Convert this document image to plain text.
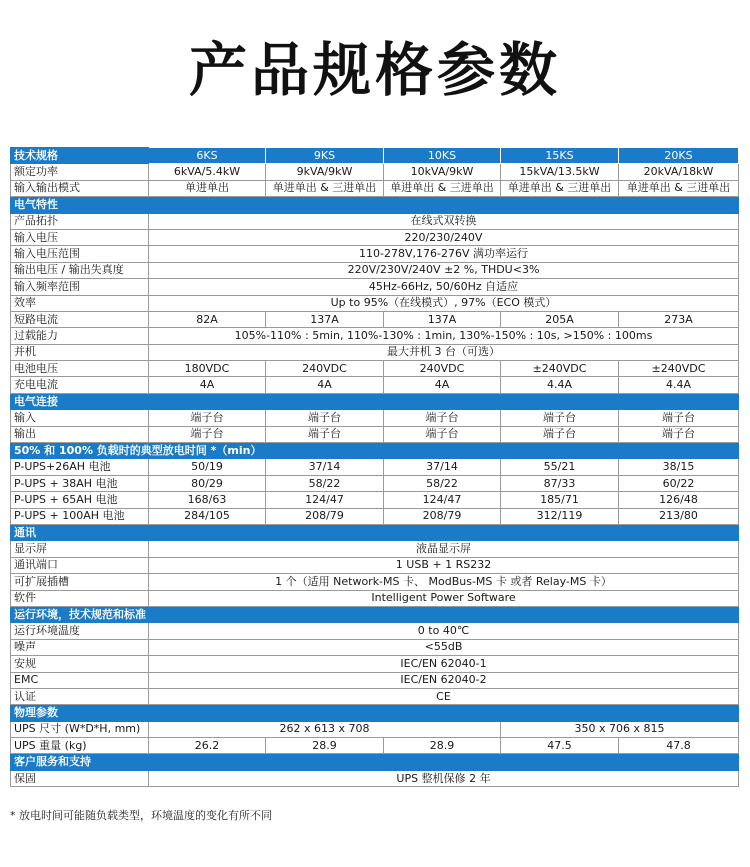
产品规格参数
技术规格	6KS	9KS	10KS	15KS	20KS
额定功率	6kVA/5.4kW	9kVA/9kW	10kVA/9kW	15kVA/13.5kW	20kVA/18kW
输入输出模式	单进单出	单进单出 & 三进单出	单进单出 & 三进单出	单进单出 & 三进单出	单进单出 & 三进单出
电气特性					
产品拓扑	在线式双转换				
输入电压	220/230/240V				
输入电压范围	110-278V,176-276V 满功率运行				
输出电压 / 输出失真度	220V/230V/240V ±2 %, THDU<3%				
输入频率范围	45Hz-66Hz, 50/60Hz 自适应				
效率	Up to 95%（在线模式）, 97%（ECO 模式）				
短路电流	82A	137A	137A	205A	273A
过载能力	105%-110% : 5min, 110%-130% : 1min, 130%-150% : 10s, >150% : 100ms				
并机	最大并机 3 台（可选）				
电池电压	180VDC	240VDC	240VDC	±240VDC	±240VDC
充电电流	4A	4A	4A	4.4A	4.4A
电气连接					
输入	端子台	端子台	端子台	端子台	端子台
输出	端子台	端子台	端子台	端子台	端子台
50% 和 100% 负载时的典型放电时间 *（min）					
P-UPS+26AH 电池	50/19	37/14	37/14	55/21	38/15
P-UPS + 38AH 电池	80/29	58/22	58/22	87/33	60/22
P-UPS + 65AH 电池	168/63	124/47	124/47	185/71	126/48
P-UPS + 100AH 电池	284/105	208/79	208/79	312/119	213/80
通讯					
显示屏	液晶显示屏				
通讯端口	1 USB + 1 RS232				
可扩展插槽	1 个（适用 Network-MS 卡、 ModBus-MS 卡 或者 Relay-MS 卡）				
软件	Intelligent Power Software				
运行环境，技术规范和标准					
运行环境温度	0 to 40℃				
噪声	<55dB				
安规	IEC/EN 62040-1				
EMC	IEC/EN 62040-2				
认证	CE				
物理参数					
UPS 尺寸 (W*D*H, mm)	262 x 613 x 708			350 x 706 x 815	
UPS 重量 (kg)	26.2	28.9	28.9	47.5	47.8
客户服务和支持					
保固	UPS 整机保修 2 年				
* 放电时间可能随负载类型，环境温度的变化有所不同
